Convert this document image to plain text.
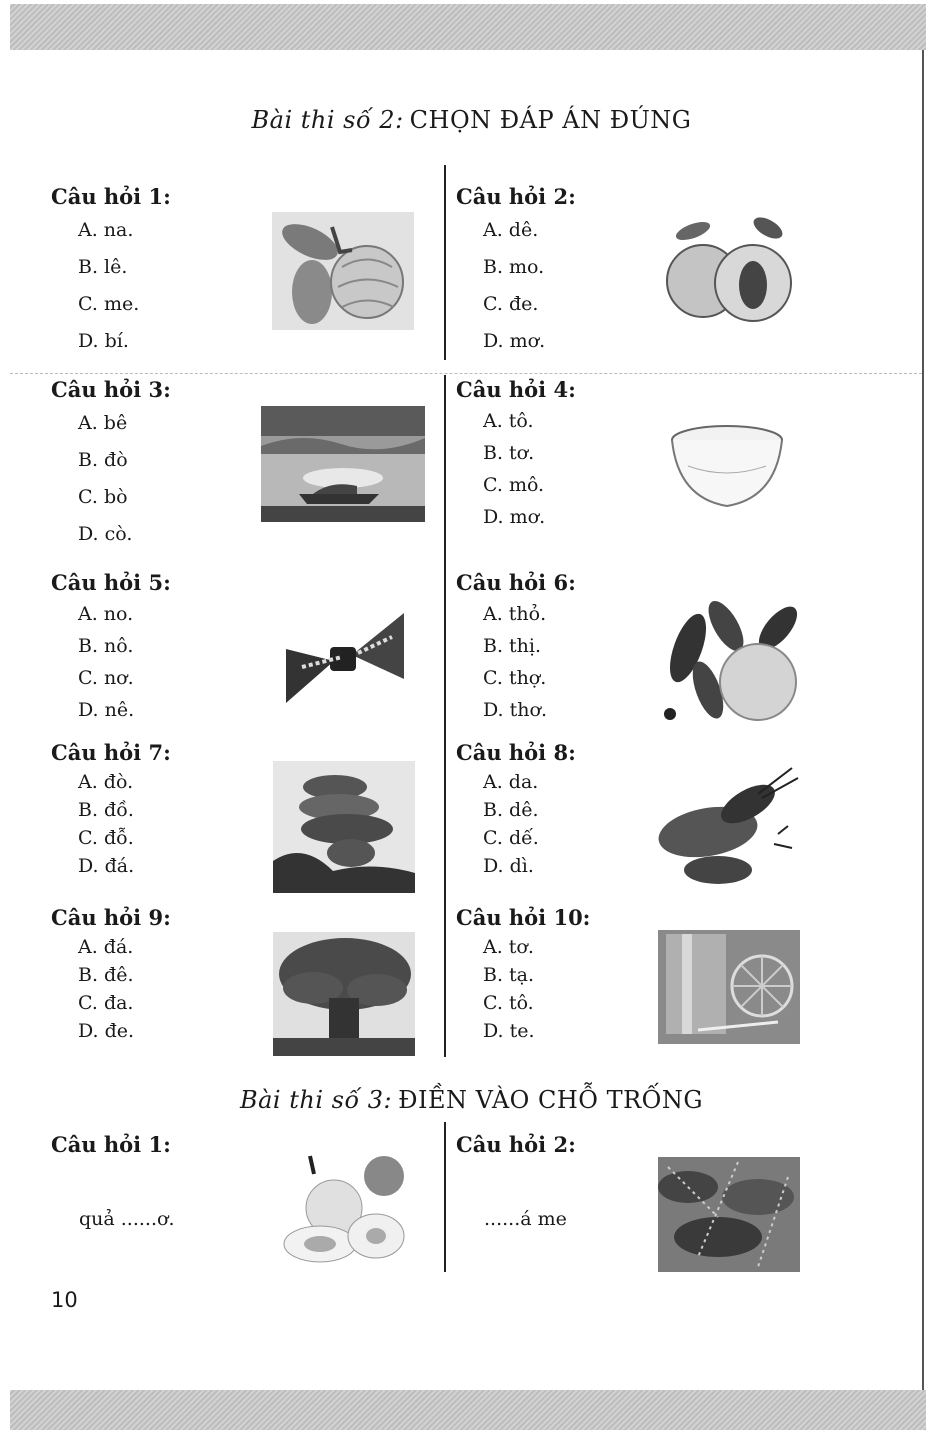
Bài thi số 2: CHỌN ĐÁP ÁN ĐÚNG
Câu hỏi 1:
A. na.
B. lê.
C. me.
D. bí.
Câu hỏi 2:
A. dê.
B. mo.
C. đe.
D. mơ.
Câu hỏi 3:
A. bê
B. đò
C. bò
D. cò.
Câu hỏi 4:
A. tô.
B. tơ.
C. mô.
D. mơ.
Câu hỏi 5:
A. no.
B. nô.
C. nơ.
D. nê.
Câu hỏi 6:
A. thỏ.
B. thị.
C. thợ.
D. thơ.
Câu hỏi 7:
A. đò.
B. đồ.
C. đỗ.
D. đá.
Câu hỏi 8:
A. da.
B. dê.
C. dế.
D. dì.
Câu hỏi 9:
A. đá.
B. đê.
C. đa.
D. đe.
Câu hỏi 10:
A. tơ.
B. tạ.
C. tô.
D. te.
Bài thi số 3: ĐIỀN VÀO CHỖ TRỐNG
Câu hỏi 1:
quả ......ơ.
Câu hỏi 2:
......á me
10
